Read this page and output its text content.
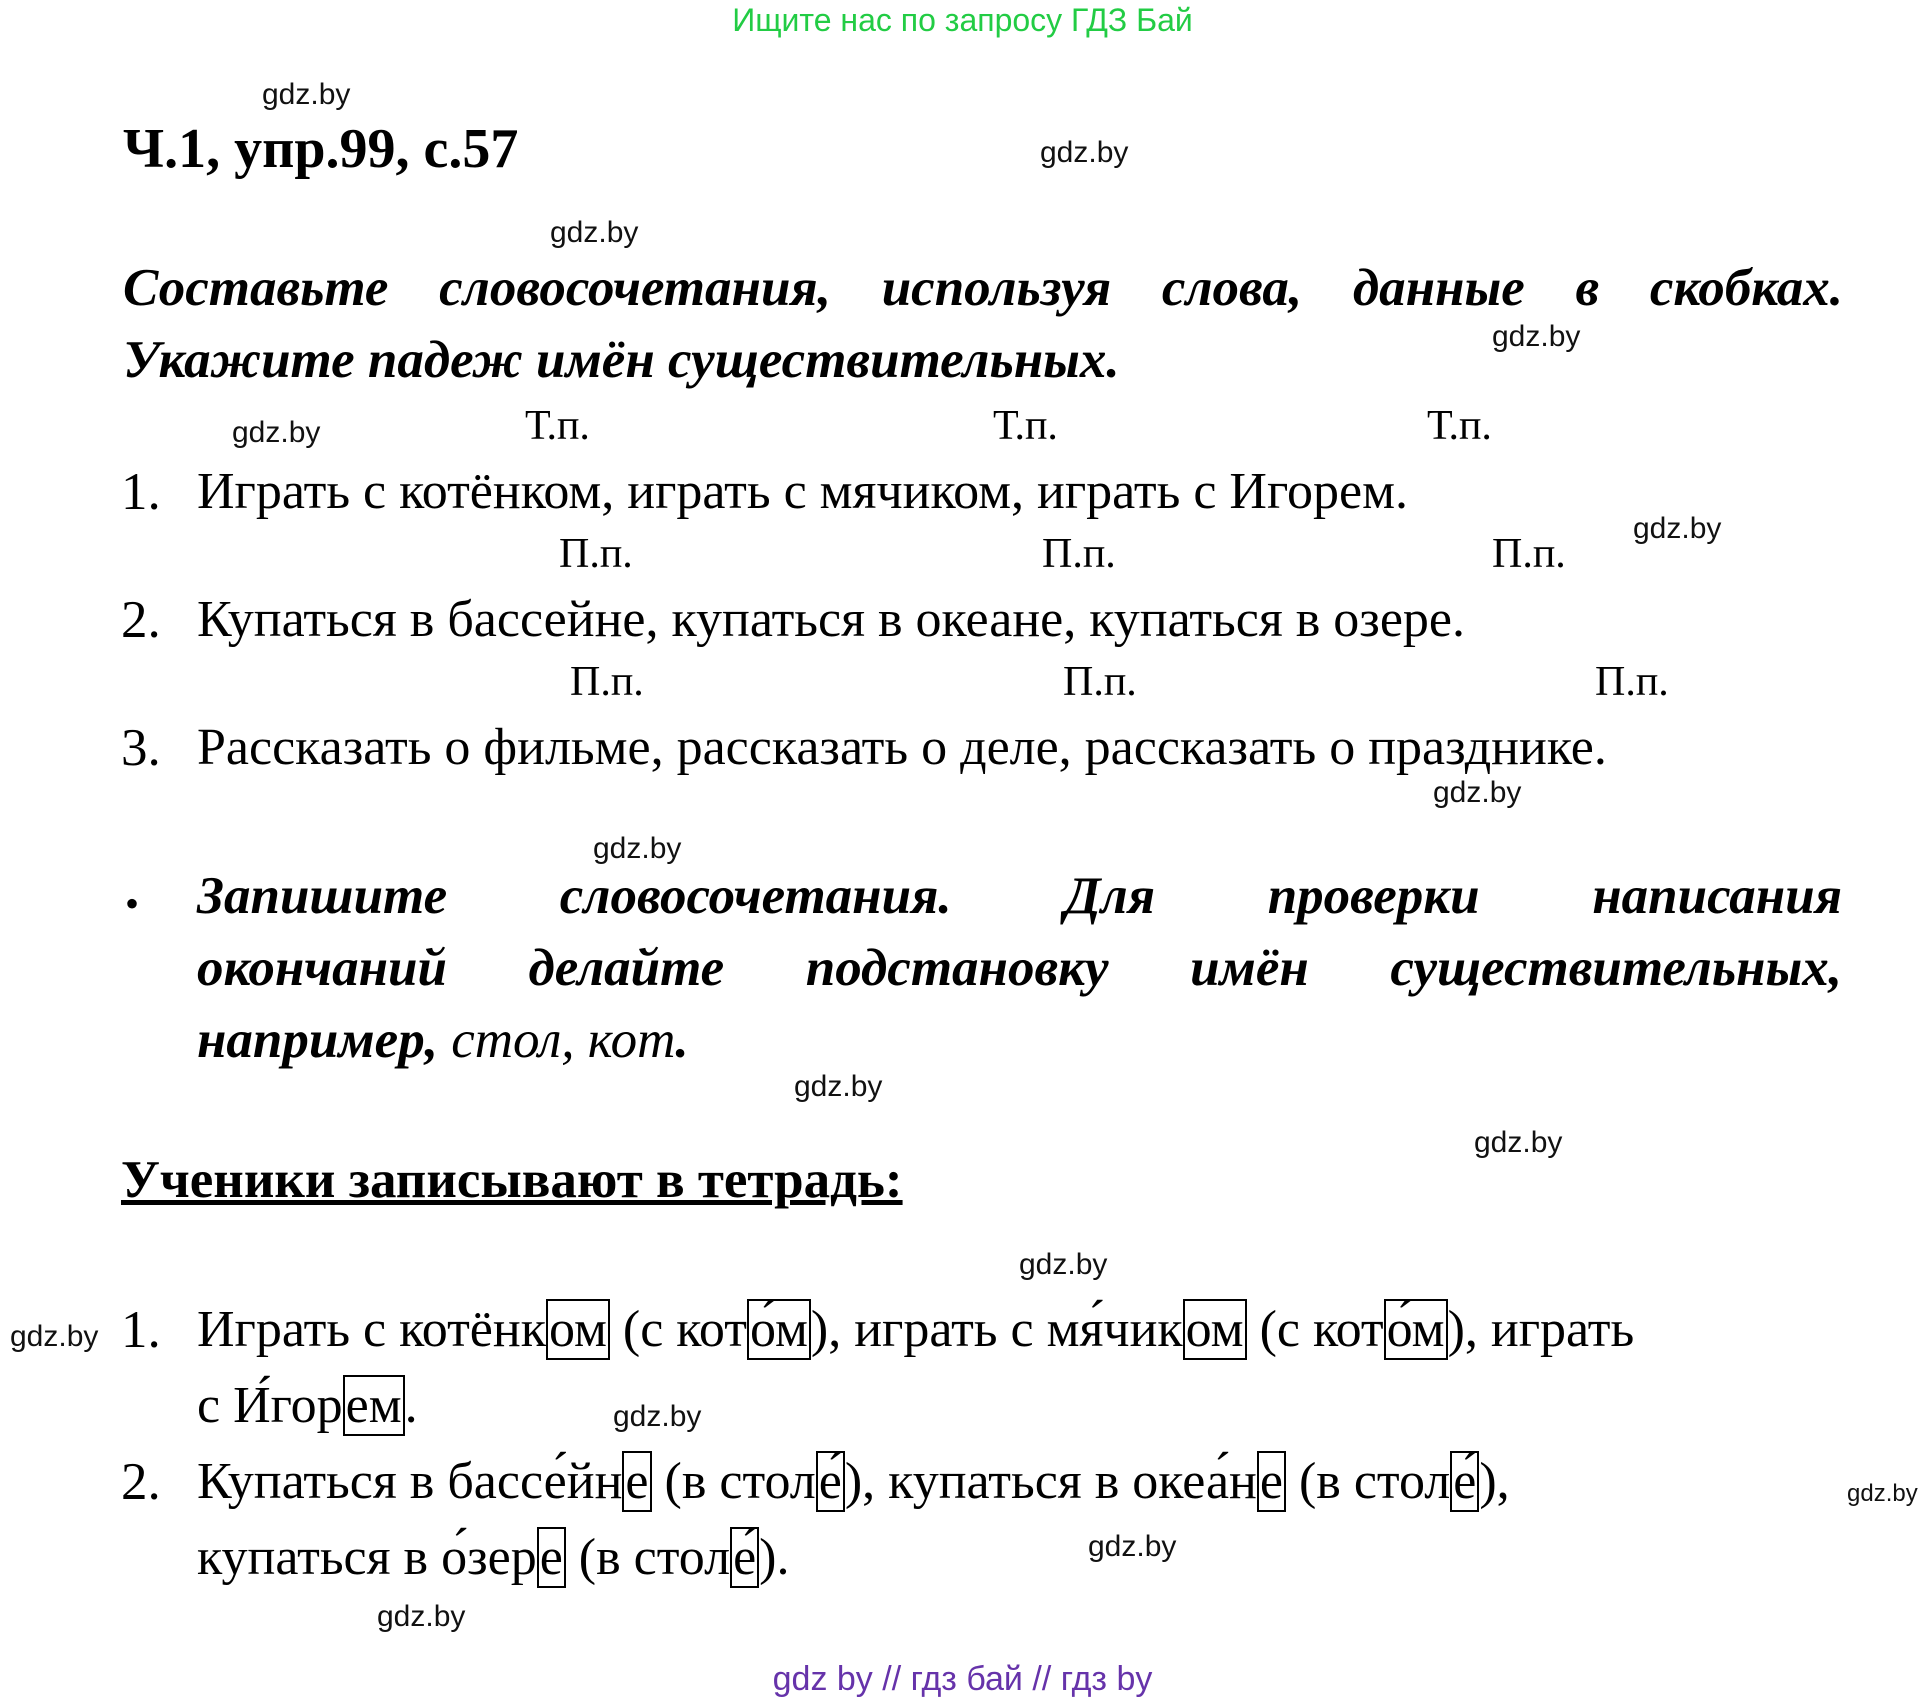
Ищите нас по запросу ГДЗ Бай
gdz.by
gdz.by
gdz.by
gdz.by
gdz.by
gdz.by
gdz.by
gdz.by
gdz.by
gdz.by
gdz.by
gdz.by
gdz.by
gdz.by
gdz.by
gdz.by
Ч.1, упр.99, с.57
Составьте словосочетания, используя слова, данные в скобках.
Укажите падеж имён существительных.
Т.п.	Т.п.	Т.п.
1. Играть с котёнком, играть с мячиком, играть с Игорем.
П.п.	П.п.	П.п.
2. Купаться в бассейне, купаться в океане, купаться в озере.
П.п.	П.п.	П.п.
3. Рассказать о фильме, рассказать о деле, рассказать о празднике.
• Запишите словосочетания. Для проверки написания
окончаний делайте подстановку имён существительных,
например, стол, кот.
Ученики записывают в тетрадь:
1. Играть с котёнком (с кото́м), играть с мя́чиком (с кото́м), играть
с И́горем.
2. Купаться в бассе́йне (в столе́), купаться в океа́не (в столе́),
купаться в о́зере (в столе́).
gdz by // гдз бай // гдз by
